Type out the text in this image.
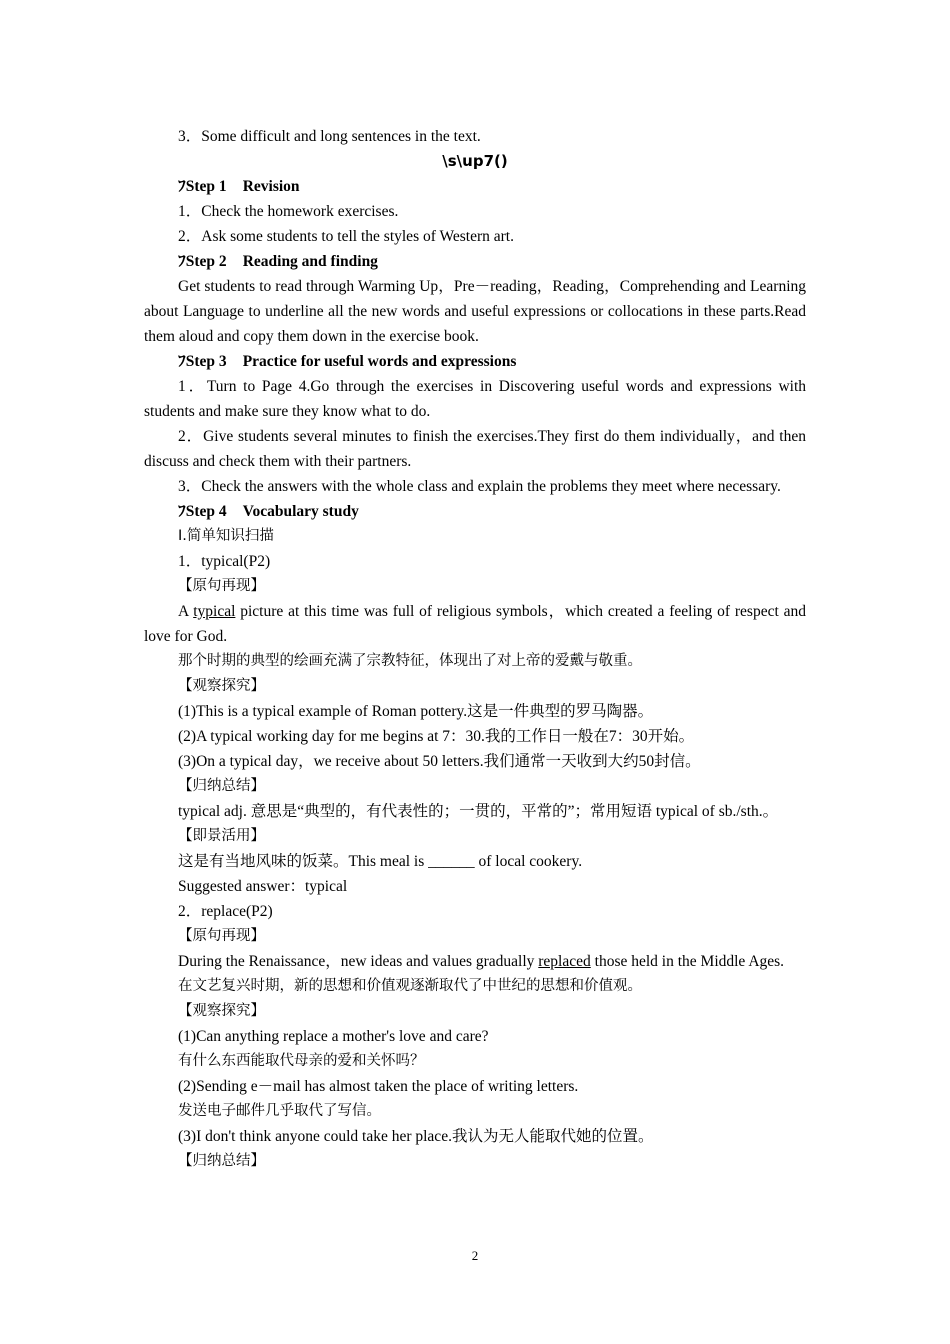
3．Some difficult and long sentences in the text.
\s\up7()
ﾌStep 1 Revision
1．Check the homework exercises.
2．Ask some students to tell the styles of Western art.
ﾌStep 2 Reading and finding
Get students to read through Warming Up，Pre－reading，Reading，Comprehending and Learning about Language to underline all the new words and useful expressions or collocations in these parts.Read them aloud and copy them down in the exercise book.
ﾌStep 3 Practice for useful words and expressions
1．Turn to Page 4.Go through the exercises in Discovering useful words and expressions with students and make sure they know what to do.
2．Give students several minutes to finish the exercises.They first do them individually，and then discuss and check them with their partners.
3．Check the answers with the whole class and explain the problems they meet where necessary.
ﾌStep 4 Vocabulary study
Ⅰ.简单知识扫描
1．typical(P2)
【原句再现】
A typical picture at this time was full of religious symbols，which created a feeling of respect and love for God.
那个时期的典型的绘画充满了宗教特征，体现出了对上帝的爱戴与敬重。
【观察探究】
(1)This is a typical example of Roman pottery.这是一件典型的罗马陶器。
(2)A typical working day for me begins at 7：30.我的工作日一般在7：30开始。
(3)On a typical day，we receive about 50 letters.我们通常一天收到大约50封信。
【归纳总结】
typical adj. 意思是“典型的，有代表性的；一贯的，平常的”；常用短语 typical of sb./sth.。
【即景活用】
这是有当地风味的饭菜。This meal is ______ of local cookery.
Suggested answer：typical
2．replace(P2)
【原句再现】
During the Renaissance，new ideas and values gradually replaced those held in the Middle Ages.
在文艺复兴时期，新的思想和价值观逐渐取代了中世纪的思想和价值观。
【观察探究】
(1)Can anything replace a mother's love and care?
有什么东西能取代母亲的爱和关怀吗？
(2)Sending e－mail has almost taken the place of writing letters.
发送电子邮件几乎取代了写信。
(3)I don't think anyone could take her place.我认为无人能取代她的位置。
【归纳总结】
2
